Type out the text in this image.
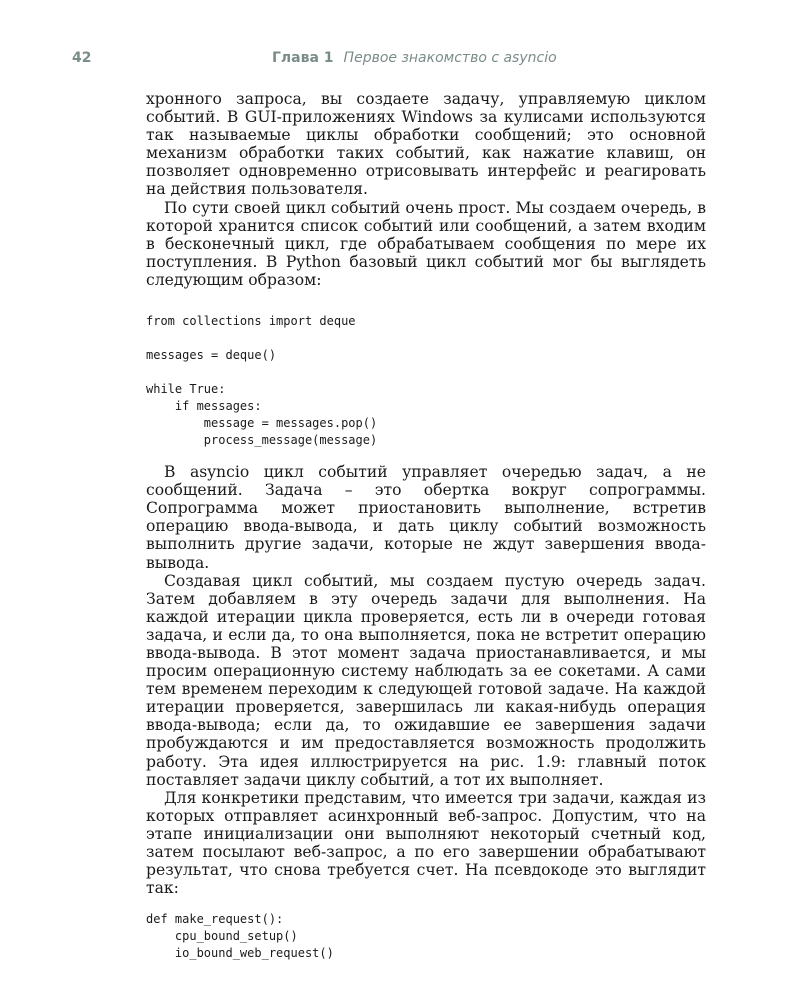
42	Глава 1 Первое знакомство с asyncio

хронного запроса, вы создаете задачу, управляемую циклом событий. В GUI-приложениях Windows за кулисами используются так называемые циклы обработки сообщений; это основной механизм обработки таких событий, как нажатие клавиш, он позволяет одновременно отрисовывать интерфейс и реагировать на действия пользователя.

По сути своей цикл событий очень прост. Мы создаем очередь, в которой хранится список событий или сообщений, а затем входим в бесконечный цикл, где обрабатываем сообщения по мере их поступления. В Python базовый цикл событий мог бы выглядеть следующим образом:

from collections import deque

messages = deque()

while True:
if messages:
message = messages.pop()
process_message(message)

В asyncio цикл событий управляет очередью задач, а не сообщений. Задача – это обертка вокруг сопрограммы. Сопрограмма может приостановить выполнение, встретив операцию ввода-вывода, и дать циклу событий возможность выполнить другие задачи, которые не ждут завершения ввода-вывода.

Создавая цикл событий, мы создаем пустую очередь задач. Затем добавляем в эту очередь задачи для выполнения. На каждой итерации цикла проверяется, есть ли в очереди готовая задача, и если да, то она выполняется, пока не встретит операцию ввода-вывода. В этот момент задача приостанавливается, и мы просим операционную систему наблюдать за ее сокетами. А сами тем временем переходим к следующей готовой задаче. На каждой итерации проверяется, завершилась ли какая-нибудь операция ввода-вывода; если да, то ожидавшие ее завершения задачи пробуждаются и им предоставляется возможность продолжить работу. Эта идея иллюстрируется на рис. 1.9: главный поток поставляет задачи циклу событий, а тот их выполняет.

Для конкретики представим, что имеется три задачи, каждая из которых отправляет асинхронный веб-запрос. Допустим, что на этапе инициализации они выполняют некоторый счетный код, затем посылают веб-запрос, а по его завершении обрабатывают результат, что снова требуется счет. На псевдокоде это выглядит так:

def make_request():
cpu_bound_setup()
io_bound_web_request()
